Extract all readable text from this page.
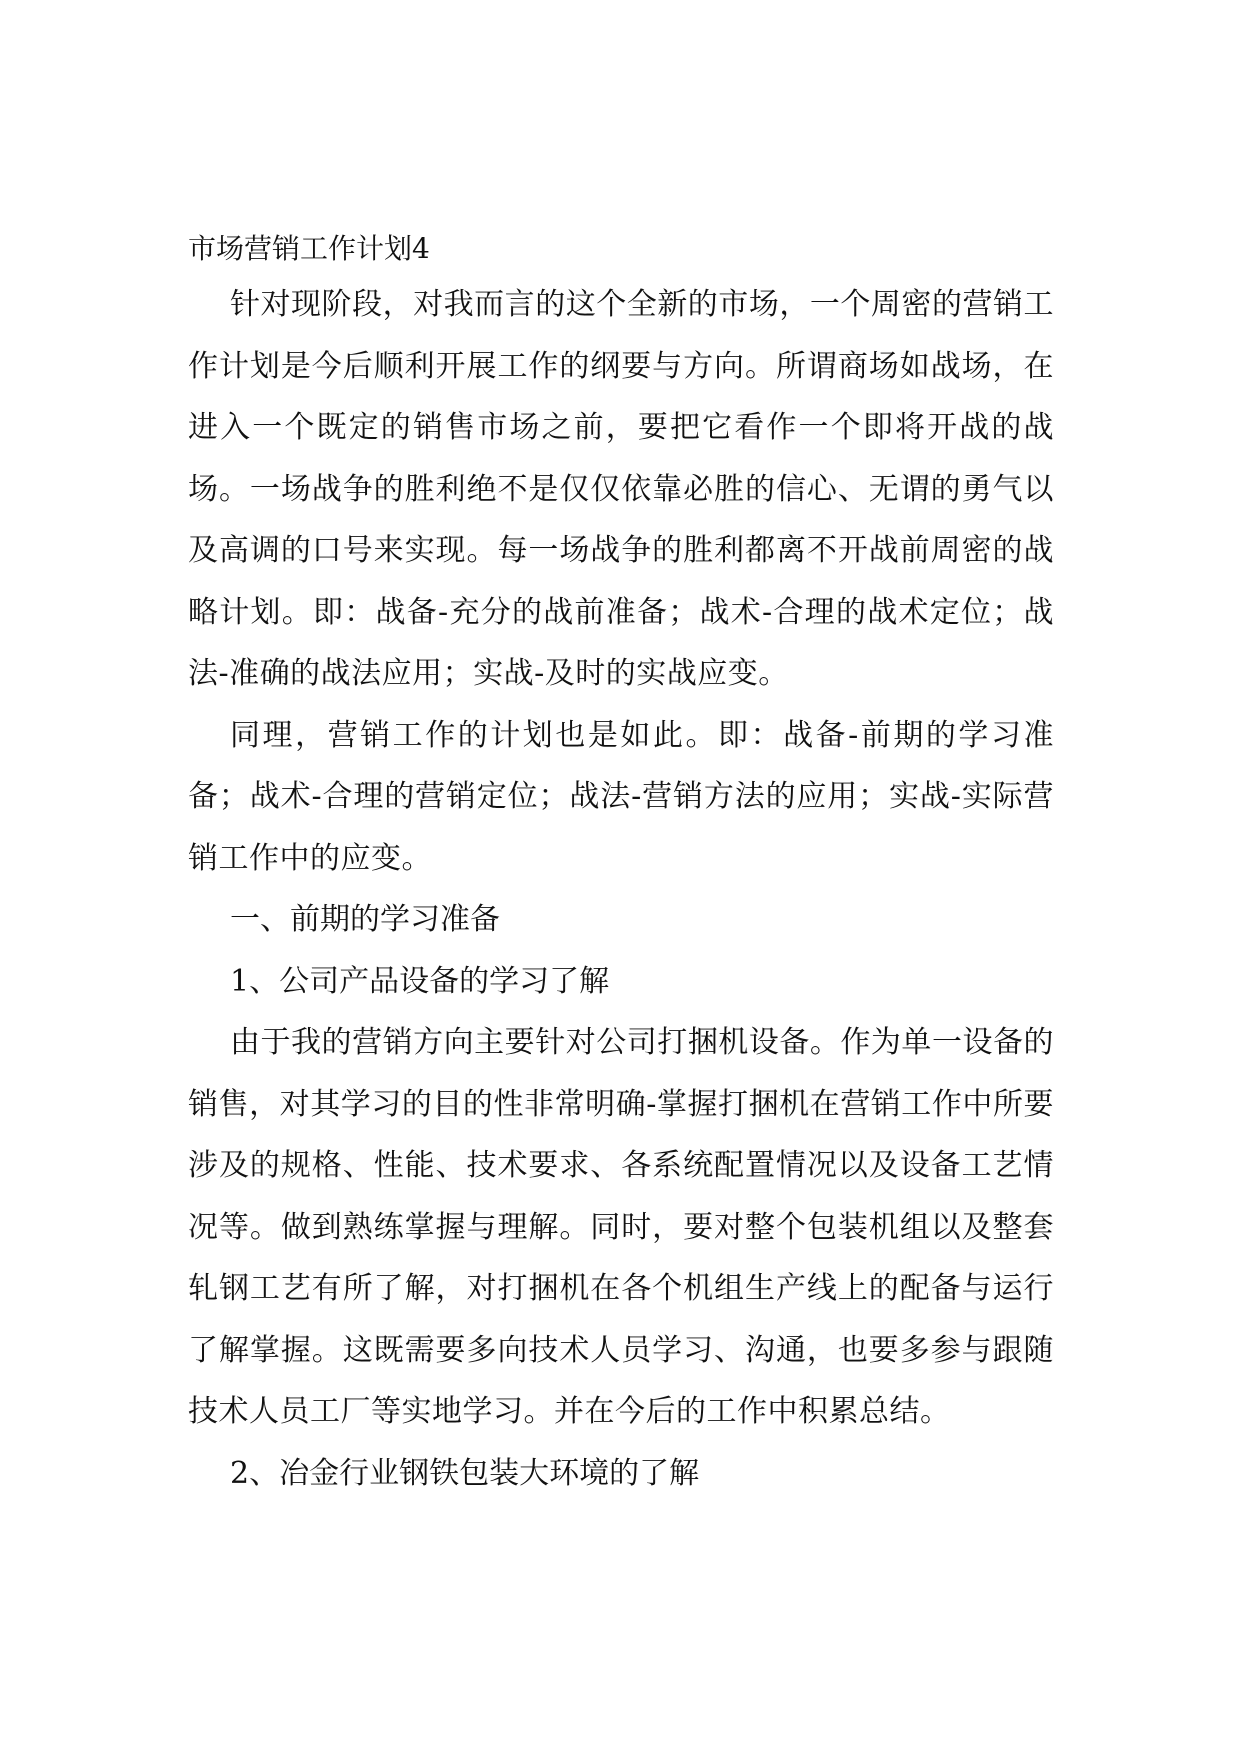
市场营销工作计划4

针对现阶段，对我而言的这个全新的市场，一个周密的营销工作计划是今后顺利开展工作的纲要与方向。所谓商场如战场，在进入一个既定的销售市场之前，要把它看作一个即将开战的战场。一场战争的胜利绝不是仅仅依靠必胜的信心、无谓的勇气以及高调的口号来实现。每一场战争的胜利都离不开战前周密的战略计划。即：战备-充分的战前准备；战术-合理的战术定位；战法-准确的战法应用；实战-及时的实战应变。

同理，营销工作的计划也是如此。即：战备-前期的学习准备；战术-合理的营销定位；战法-营销方法的应用；实战-实际营销工作中的应变。

一、前期的学习准备

1、公司产品设备的学习了解

由于我的营销方向主要针对公司打捆机设备。作为单一设备的销售，对其学习的目的性非常明确-掌握打捆机在营销工作中所要涉及的规格、性能、技术要求、各系统配置情况以及设备工艺情况等。做到熟练掌握与理解。同时，要对整个包装机组以及整套轧钢工艺有所了解，对打捆机在各个机组生产线上的配备与运行了解掌握。这既需要多向技术人员学习、沟通，也要多参与跟随技术人员工厂等实地学习。并在今后的工作中积累总结。

2、冶金行业钢铁包装大环境的了解
